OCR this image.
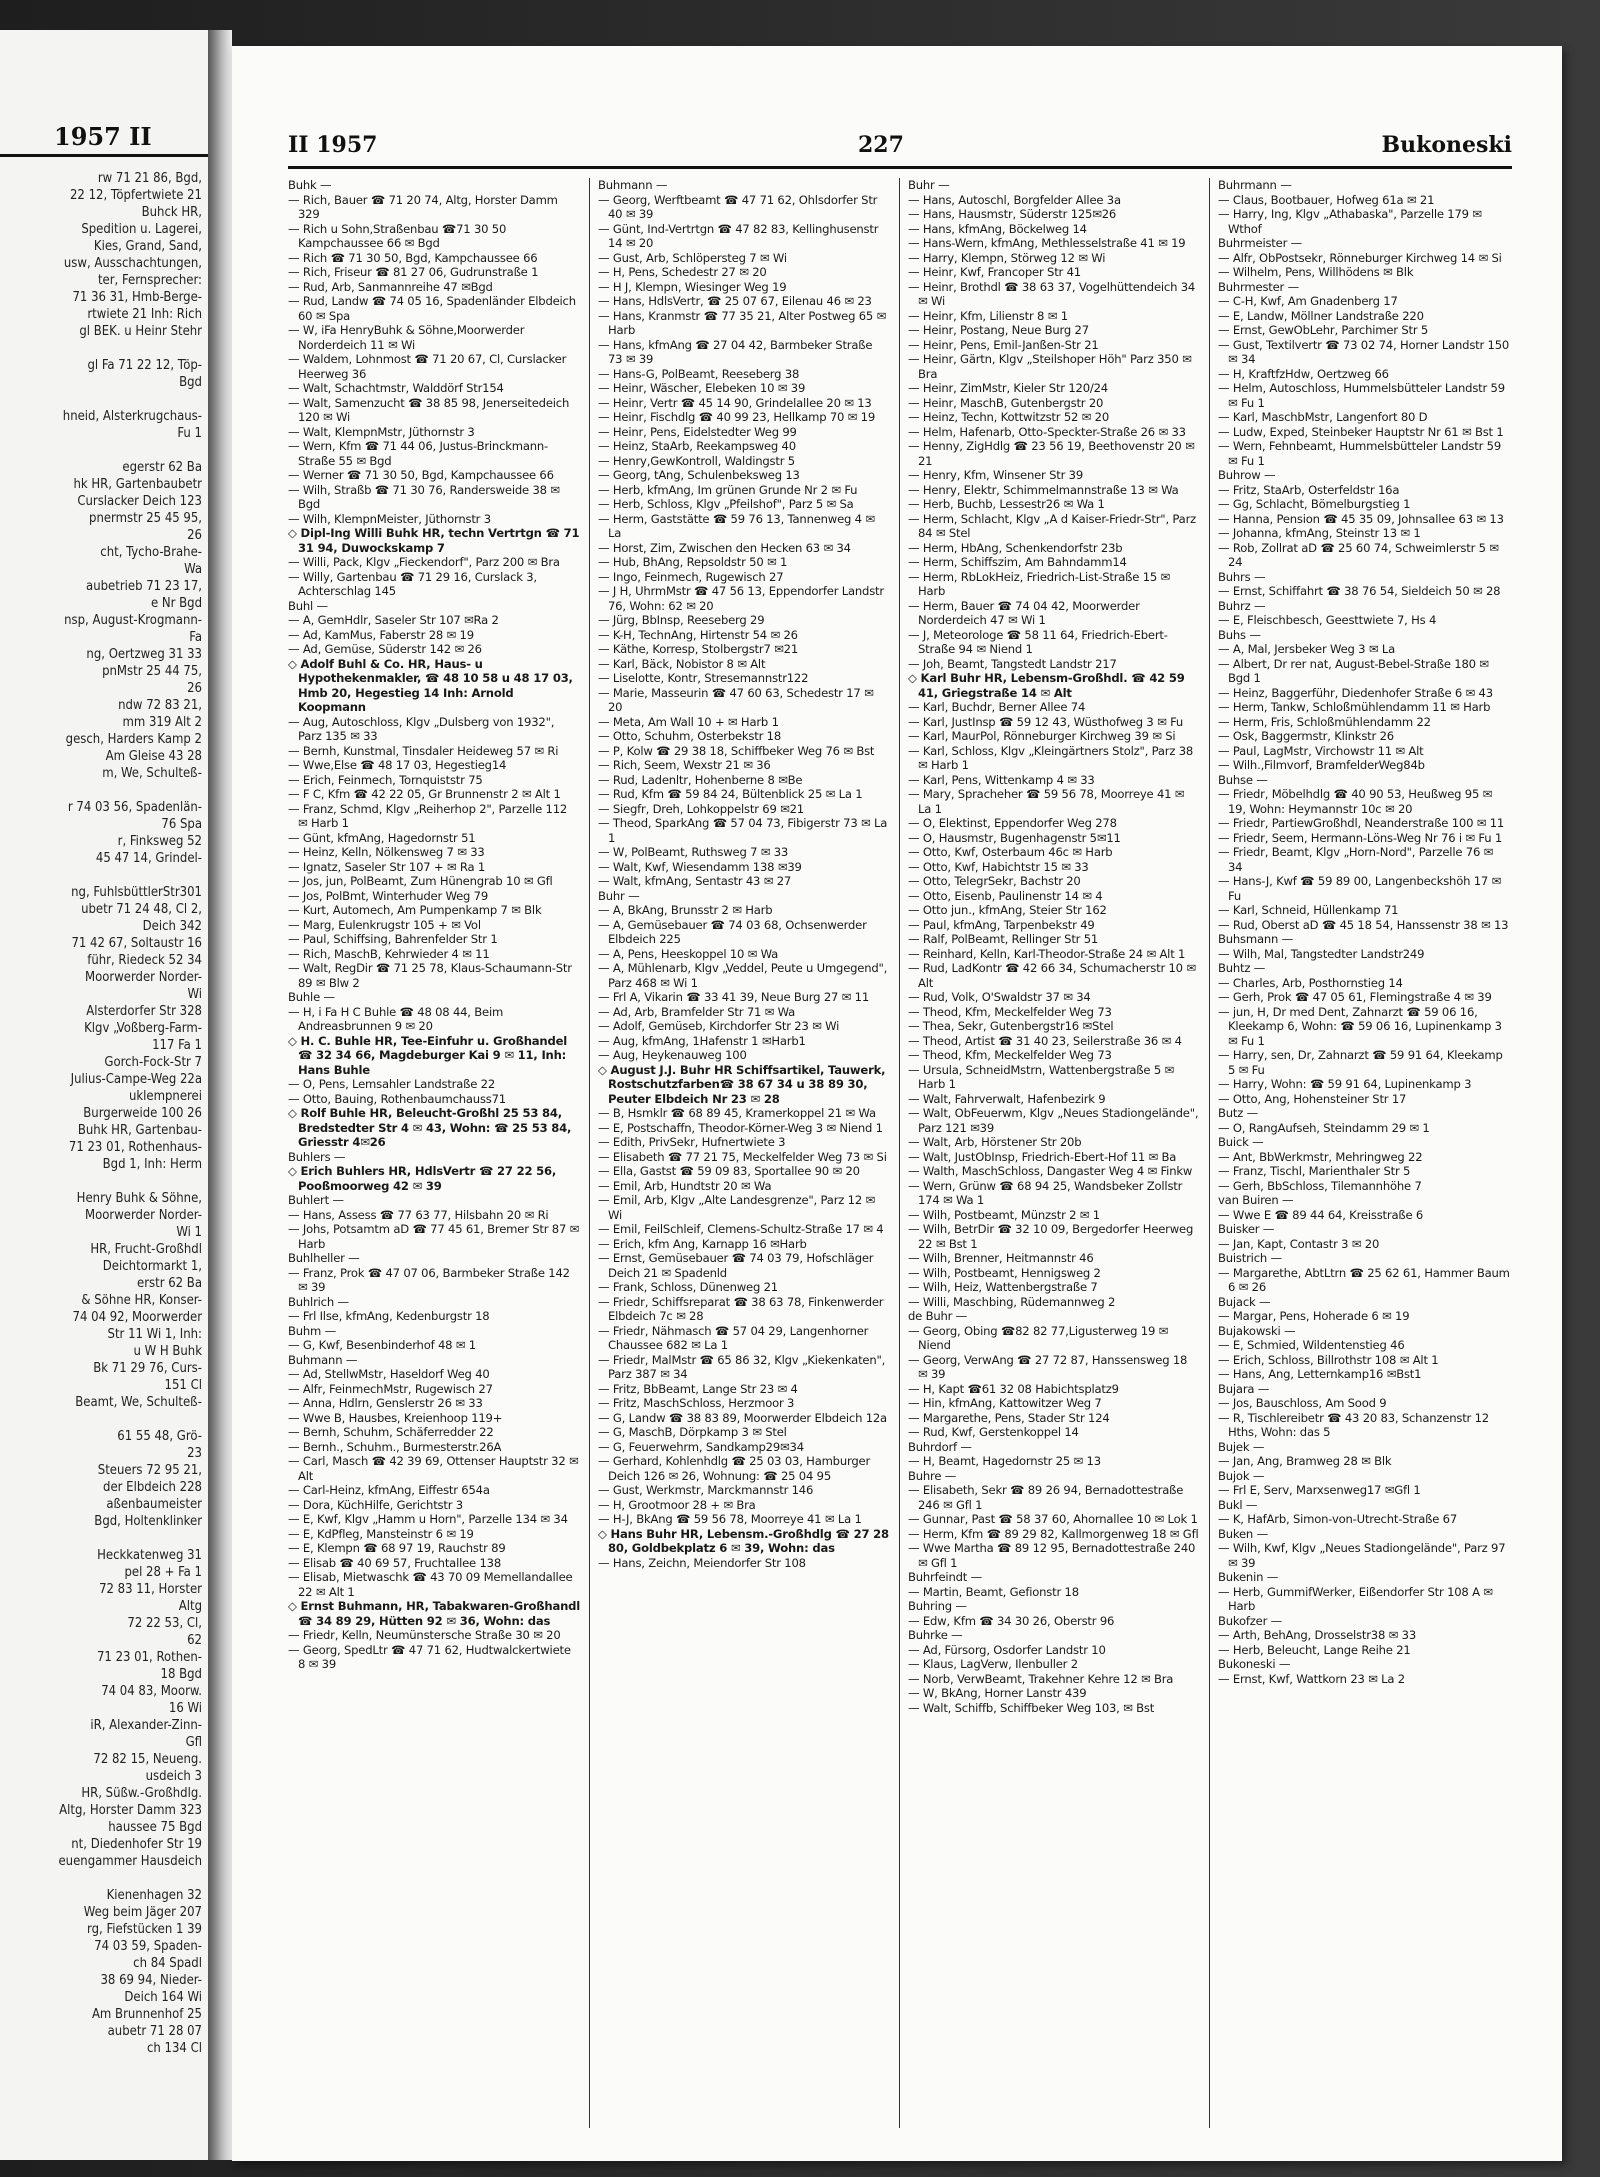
1957 II
rw 71 21 86, Bgd,
22 12, Töpfertwiete 21
Buhck HR,
Spedition u. Lagerei,
Kies, Grand, Sand,
usw, Ausschachtungen,
ter, Fernsprecher:
71 36 31, Hmb-Berge-
rtwiete 21 Inh: Rich
gl BEK. u Heinr Stehr

gl Fa 71 22 12, Töp-
Bgd

hneid, Alsterkrugchaus-
Fu 1

egerstr 62 Ba
hk HR, Gartenbaubetr
Curslacker Deich 123
pnermstr 25 45 95,
26
cht, Tycho-Brahe-
Wa
aubetrieb 71 23 17,
e Nr Bgd
nsp, August-Krogmann-
Fa
ng, Oertzweg 31 33
pnMstr 25 44 75,
26
ndw 72 83 21,
mm 319 Alt 2
gesch, Harders Kamp 2
Am Gleise 43 28
m, We, Schulteß-

r 74 03 56, Spadenlän-
76 Spa
r, Finksweg 52
45 47 14, Grindel-

ng, FuhlsbüttlerStr301
ubetr 71 24 48, Cl 2,
Deich 342
71 42 67, Soltaustr 16
führ, Riedeck 52 34
Moorwerder Norder-
Wi
Alsterdorfer Str 328
Klgv „Voßberg-Farm-
117 Fa 1
Gorch-Fock-Str 7
Julius-Campe-Weg 22a
uklempnerei
Burgerweide 100 26
Buhk HR, Gartenbau-
71 23 01, Rothenhaus-
Bgd 1, Inh: Herm

Henry Buhk & Söhne,
Moorwerder Norder-
Wi 1
HR, Frucht-Großhdl
Deichtormarkt 1,
erstr 62 Ba
& Söhne HR, Konser-
74 04 92, Moorwerder
Str 11 Wi 1, Inh:
u W H Buhk
Bk 71 29 76, Curs-
151 Cl
Beamt, We, Schulteß-

61 55 48, Grö-
23
Steuers 72 95 21,
der Elbdeich 228
aßenbaumeister
Bgd, Holtenklinker

Heckkatenweg 31
pel 28 + Fa 1
72 83 11, Horster
Altg
72 22 53, Cl,
62
71 23 01, Rothen-
18 Bgd
74 04 83, Moorw.
16 Wi
iR, Alexander-Zinn-
Gfl
72 82 15, Neueng.
usdeich 3
HR, Süßw.-Großhdlg.
Altg, Horster Damm 323
haussee 75 Bgd
nt, Diedenhofer Str 19
euengammer Hausdeich

Kienenhagen 32
Weg beim Jäger 207
rg, Fiefstücken 1 39
74 03 59, Spaden-
ch 84 Spadl
38 69 94, Nieder-
Deich 164 Wi
Am Brunnenhof 25
aubetr 71 28 07
ch 134 Cl
II 1957	227	Bukoneski
Buhk —
— Rich, Bauer ☎ 71 20 74, Altg, Horster Damm 329
— Rich u Sohn,Straßenbau ☎71 30 50 Kampchaussee 66 ✉ Bgd
— Rich ☎ 71 30 50, Bgd, Kampchaussee 66
— Rich, Friseur ☎ 81 27 06, Gudrunstraße 1
— Rud, Arb, Sanmannreihe 47 ✉Bgd
— Rud, Landw ☎ 74 05 16, Spadenländer Elbdeich 60 ✉ Spa
— W, iFa HenryBuhk & Söhne,Moorwerder Norderdeich 11 ✉ Wi
— Waldem, Lohnmost ☎ 71 20 67, Cl, Curslacker Heerweg 36
— Walt, Schachtmstr, Walddörf Str154
— Walt, Samenzucht ☎ 38 85 98, Jenerseitedeich 120 ✉ Wi
— Walt, KlempnMstr, Jüthornstr 3
— Wern, Kfm ☎ 71 44 06, Justus-Brinckmann-Straße 55 ✉ Bgd
— Werner ☎ 71 30 50, Bgd, Kampchaussee 66
— Wilh, Straßb ☎ 71 30 76, Randersweide 38 ✉ Bgd
— Wilh, KlempnMeister, Jüthornstr 3
◇ Dipl-Ing Willi Buhk HR, techn Vertrtgn ☎ 71 31 94, Duwockskamp 7
— Willi, Pack, Klgv „Fieckendorf", Parz 200 ✉ Bra
— Willy, Gartenbau ☎ 71 29 16, Curslack 3, Achterschlag 145
Buhl —
— A, GemHdlr, Saseler Str 107 ✉Ra 2
— Ad, KamMus, Faberstr 28 ✉ 19
— Ad, Gemüse, Süderstr 142 ✉ 26
◇ Adolf Buhl & Co. HR, Haus- u Hypothekenmakler, ☎ 48 10 58 u 48 17 03, Hmb 20, Hegestieg 14 Inh: Arnold Koopmann
— Aug, Autoschloss, Klgv „Dulsberg von 1932", Parz 135 ✉ 33
— Bernh, Kunstmal, Tinsdaler Heideweg 57 ✉ Ri
— Wwe,Else ☎ 48 17 03, Hegestieg14
— Erich, Feinmech, Tornquiststr 75
— F C, Kfm ☎ 42 22 05, Gr Brunnenstr 2 ✉ Alt 1
— Franz, Schmd, Klgv „Reiherhop 2", Parzelle 112 ✉ Harb 1
— Günt, kfmAng, Hagedornstr 51
— Heinz, Kelln, Nölkensweg 7 ✉ 33
— Ignatz, Saseler Str 107 + ✉ Ra 1
— Jos, jun, PolBeamt, Zum Hünengrab 10 ✉ Gfl
— Jos, PolBmt, Winterhuder Weg 79
— Kurt, Automech, Am Pumpenkamp 7 ✉ Blk
— Marg, Eulenkrugstr 105 + ✉ Vol
— Paul, Schiffsing, Bahrenfelder Str 1
— Rich, MaschB, Kehrwieder 4 ✉ 11
— Walt, RegDir ☎ 71 25 78, Klaus-Schaumann-Str 89 ✉ Blw 2
Buhle —
— H, i Fa H C Buhle ☎ 48 08 44, Beim Andreasbrunnen 9 ✉ 20
◇ H. C. Buhle HR, Tee-Einfuhr u. Großhandel ☎ 32 34 66, Magdeburger Kai 9 ✉ 11, Inh: Hans Buhle
— O, Pens, Lemsahler Landstraße 22
— Otto, Bauing, Rothenbaumchauss71
◇ Rolf Buhle HR, Beleucht-Großhl 25 53 84, Bredstedter Str 4 ✉ 43, Wohn: ☎ 25 53 84, Griesstr 4✉26
Buhlers —
◇ Erich Buhlers HR, HdlsVertr ☎ 27 22 56, Pooßmoorweg 42 ✉ 39
Buhlert —
— Hans, Assess ☎ 77 63 77, Hilsbahn 20 ✉ Ri
— Johs, Potsamtm aD ☎ 77 45 61, Bremer Str 87 ✉ Harb
Buhlheller —
— Franz, Prok ☎ 47 07 06, Barmbeker Straße 142 ✉ 39
Buhlrich —
— Frl Ilse, kfmAng, Kedenburgstr 18
Buhm —
— G, Kwf, Besenbinderhof 48 ✉ 1
Buhmann —
— Ad, StellwMstr, Haseldorf Weg 40
— Alfr, FeinmechMstr, Rugewisch 27
— Anna, Hdlrn, Genslerstr 26 ✉ 33
— Wwe B, Hausbes, Kreienhoop 119+
— Bernh, Schuhm, Schäferredder 22
— Bernh., Schuhm., Burmesterstr.26A
— Carl, Masch ☎ 42 39 69, Ottenser Hauptstr 32 ✉ Alt
— Carl-Heinz, kfmAng, Eiffestr 654a
— Dora, KüchHilfe, Gerichtstr 3
— E, Kwf, Klgv „Hamm u Horn", Parzelle 134 ✉ 34
— E, KdPfleg, Mansteinstr 6 ✉ 19
— E, Klempn ☎ 68 97 19, Rauchstr 89
— Elisab ☎ 40 69 57, Fruchtallee 138
— Elisab, Mietwaschk ☎ 43 70 09 Memellandallee 22 ✉ Alt 1
◇ Ernst Buhmann, HR, Tabakwaren-Großhandl ☎ 34 89 29, Hütten 92 ✉ 36, Wohn: das
— Friedr, Kelln, Neumünstersche Straße 30 ✉ 20
— Georg, SpedLtr ☎ 47 71 62, Hudtwalckertwiete 8 ✉ 39
Buhmann —
— Georg, Werftbeamt ☎ 47 71 62, Ohlsdorfer Str 40 ✉ 39
— Günt, Ind-Vertrtgn ☎ 47 82 83, Kellinghusenstr 14 ✉ 20
— Gust, Arb, Schlöpersteg 7 ✉ Wi
— H, Pens, Schedestr 27 ✉ 20
— H J, Klempn, Wiesinger Weg 19
— Hans, HdlsVertr, ☎ 25 07 67, Eilenau 46 ✉ 23
— Hans, Kranmstr ☎ 77 35 21, Alter Postweg 65 ✉ Harb
— Hans, kfmAng ☎ 27 04 42, Barmbeker Straße 73 ✉ 39
— Hans-G, PolBeamt, Reeseberg 38
— Heinr, Wäscher, Elebeken 10 ✉ 39
— Heinr, Vertr ☎ 45 14 90, Grindelallee 20 ✉ 13
— Heinr, Fischdlg ☎ 40 99 23, Hellkamp 70 ✉ 19
— Heinr, Pens, Eidelstedter Weg 99
— Heinz, StaArb, Reekampsweg 40
— Henry,GewKontroll, Waldingstr 5
— Georg, tAng, Schulenbeksweg 13
— Herb, kfmAng, Im grünen Grunde Nr 2 ✉ Fu
— Herb, Schloss, Klgv „Pfeilshof", Parz 5 ✉ Sa
— Herm, Gaststätte ☎ 59 76 13, Tannenweg 4 ✉ La
— Horst, Zim, Zwischen den Hecken 63 ✉ 34
— Hub, BhAng, Repsoldstr 50 ✉ 1
— Ingo, Feinmech, Rugewisch 27
— J H, UhrmMstr ☎ 47 56 13, Eppendorfer Landstr 76, Wohn: 62 ✉ 20
— Jürg, BbInsp, Reeseberg 29
— K-H, TechnAng, Hirtenstr 54 ✉ 26
— Käthe, Korresp, Stolbergstr7 ✉21
— Karl, Bäck, Nobistor 8 ✉ Alt
— Liselotte, Kontr, Stresemannstr122
— Marie, Masseurin ☎ 47 60 63, Schedestr 17 ✉ 20
— Meta, Am Wall 10 + ✉ Harb 1
— Otto, Schuhm, Osterbekstr 18
— P, Kolw ☎ 29 38 18, Schiffbeker Weg 76 ✉ Bst
— Rich, Seem, Wexstr 21 ✉ 36
— Rud, Ladenltr, Hohenberne 8 ✉Be
— Rud, Kfm ☎ 59 84 24, Bültenblick 25 ✉ La 1
— Siegfr, Dreh, Lohkoppelstr 69 ✉21
— Theod, SparkAng ☎ 57 04 73, Fibigerstr 73 ✉ La 1
— W, PolBeamt, Ruthsweg 7 ✉ 33
— Walt, Kwf, Wiesendamm 138 ✉39
— Walt, kfmAng, Sentastr 43 ✉ 27
Buhr —
— A, BkAng, Brunsstr 2 ✉ Harb
— A, Gemüsebauer ☎ 74 03 68, Ochsenwerder Elbdeich 225
— A, Pens, Heeskoppel 10 ✉ Wa
— A, Mühlenarb, Klgv „Veddel, Peute u Umgegend", Parz 468 ✉ Wi 1
— Frl A, Vikarin ☎ 33 41 39, Neue Burg 27 ✉ 11
— Ad, Arb, Bramfelder Str 71 ✉ Wa
— Adolf, Gemüseb, Kirchdorfer Str 23 ✉ Wi
— Aug, kfmAng, 1Hafenstr 1 ✉Harb1
— Aug, Heykenauweg 100
◇ August J.J. Buhr HR Schiffsartikel, Tauwerk, Rostschutzfarben☎ 38 67 34 u 38 89 30, Peuter Elbdeich Nr 23 ✉ 28
— B, Hsmklr ☎ 68 89 45, Kramerkoppel 21 ✉ Wa
— E, Postschaffn, Theodor-Körner-Weg 3 ✉ Niend 1
— Edith, PrivSekr, Hufnertwiete 3
— Elisabeth ☎ 77 21 75, Meckelfelder Weg 73 ✉ Si
— Ella, Gastst ☎ 59 09 83, Sportallee 90 ✉ 20
— Emil, Arb, Hundtstr 20 ✉ Wa
— Emil, Arb, Klgv „Alte Landesgrenze", Parz 12 ✉ Wi
— Emil, FeilSchleif, Clemens-Schultz-Straße 17 ✉ 4
— Erich, kfm Ang, Karnapp 16 ✉Harb
— Ernst, Gemüsebauer ☎ 74 03 79, Hofschläger Deich 21 ✉ Spadenld
— Frank, Schloss, Dünenweg 21
— Friedr, Schiffsreparat ☎ 38 63 78, Finkenwerder Elbdeich 7c ✉ 28
— Friedr, Nähmasch ☎ 57 04 29, Langenhorner Chaussee 682 ✉ La 1
— Friedr, MalMstr ☎ 65 86 32, Klgv „Kiekenkaten", Parz 387 ✉ 34
— Fritz, BbBeamt, Lange Str 23 ✉ 4
— Fritz, MaschSchloss, Herzmoor 3
— G, Landw ☎ 38 83 89, Moorwerder Elbdeich 12a
— G, MaschB, Dörpkamp 3 ✉ Stel
— G, Feuerwehrm, Sandkamp29✉34
— Gerhard, Kohlenhdlg ☎ 25 03 03, Hamburger Deich 126 ✉ 26, Wohnung: ☎ 25 04 95
— Gust, Werkmstr, Marckmannstr 146
— H, Grootmoor 28 + ✉ Bra
— H-J, BkAng ☎ 59 56 78, Moorreye 41 ✉ La 1
◇ Hans Buhr HR, Lebensm.-Großhdlg ☎ 27 28 80, Goldbekplatz 6 ✉ 39, Wohn: das
— Hans, Zeichn, Meiendorfer Str 108
Buhr —
— Hans, Autoschl, Borgfelder Allee 3a
— Hans, Hausmstr, Süderstr 125✉26
— Hans, kfmAng, Böckelweg 14
— Hans-Wern, kfmAng, Methlesselstraße 41 ✉ 19
— Harry, Klempn, Störweg 12 ✉ Wi
— Heinr, Kwf, Francoper Str 41
— Heinr, Brothdl ☎ 38 63 37, Vogelhüttendeich 34 ✉ Wi
— Heinr, Kfm, Lilienstr 8 ✉ 1
— Heinr, Postang, Neue Burg 27
— Heinr, Pens, Emil-Janßen-Str 21
— Heinr, Gärtn, Klgv „Steilshoper Höh" Parz 350 ✉ Bra
— Heinr, ZimMstr, Kieler Str 120/24
— Heinr, MaschB, Gutenbergstr 20
— Heinz, Techn, Kottwitzstr 52 ✉ 20
— Helm, Hafenarb, Otto-Speckter-Straße 26 ✉ 33
— Henny, ZigHdlg ☎ 23 56 19, Beethovenstr 20 ✉ 21
— Henry, Kfm, Winsener Str 39
— Henry, Elektr, Schimmelmannstraße 13 ✉ Wa
— Herb, Buchb, Lessestr26 ✉ Wa 1
— Herm, Schlacht, Klgv „A d Kaiser-Friedr-Str", Parz 84 ✉ Stel
— Herm, HbAng, Schenkendorfstr 23b
— Herm, Schiffszim, Am Bahndamm14
— Herm, RbLokHeiz, Friedrich-List-Straße 15 ✉ Harb
— Herm, Bauer ☎ 74 04 42, Moorwerder Norderdeich 47 ✉ Wi 1
— J, Meteorologe ☎ 58 11 64, Friedrich-Ebert-Straße 94 ✉ Niend 1
— Joh, Beamt, Tangstedt Landstr 217
◇ Karl Buhr HR, Lebensm-Großhdl. ☎ 42 59 41, Griegstraße 14 ✉ Alt
— Karl, Buchdr, Berner Allee 74
— Karl, JustInsp ☎ 59 12 43, Wüsthofweg 3 ✉ Fu
— Karl, MaurPol, Rönneburger Kirchweg 39 ✉ Si
— Karl, Schloss, Klgv „Kleingärtners Stolz", Parz 38 ✉ Harb 1
— Karl, Pens, Wittenkamp 4 ✉ 33
— Mary, Spracheher ☎ 59 56 78, Moorreye 41 ✉ La 1
— O, Elektinst, Eppendorfer Weg 278
— O, Hausmstr, Bugenhagenstr 5✉11
— Otto, Kwf, Osterbaum 46c ✉ Harb
— Otto, Kwf, Habichtstr 15 ✉ 33
— Otto, TelegrSekr, Bachstr 20
— Otto, Eisenb, Paulinenstr 14 ✉ 4
— Otto jun., kfmAng, Steier Str 162
— Paul, kfmAng, Tarpenbekstr 49
— Ralf, PolBeamt, Rellinger Str 51
— Reinhard, Kelln, Karl-Theodor-Straße 24 ✉ Alt 1
— Rud, LadKontr ☎ 42 66 34, Schumacherstr 10 ✉ Alt
— Rud, Volk, O'Swaldstr 37 ✉ 34
— Theod, Kfm, Meckelfelder Weg 73
— Thea, Sekr, Gutenbergstr16 ✉Stel
— Theod, Artist ☎ 31 40 23, Seilerstraße 36 ✉ 4
— Theod, Kfm, Meckelfelder Weg 73
— Ursula, SchneidMstrn, Wattenbergstraße 5 ✉ Harb 1
— Walt, Fahrverwalt, Hafenbezirk 9
— Walt, ObFeuerwm, Klgv „Neues Stadiongelände", Parz 121 ✉39
— Walt, Arb, Hörstener Str 20b
— Walt, JustObInsp, Friedrich-Ebert-Hof 11 ✉ Ba
— Walth, MaschSchloss, Dangaster Weg 4 ✉ Finkw
— Wern, Grünw ☎ 68 94 25, Wandsbeker Zollstr 174 ✉ Wa 1
— Wilh, Postbeamt, Münzstr 2 ✉ 1
— Wilh, BetrDir ☎ 32 10 09, Bergedorfer Heerweg 22 ✉ Bst 1
— Wilh, Brenner, Heitmannstr 46
— Wilh, Postbeamt, Hennigsweg 2
— Wilh, Heiz, Wattenbergstraße 7
— Willi, Maschbing, Rüdemannweg 2
de Buhr —
— Georg, Obing ☎82 82 77,Ligusterweg 19 ✉ Niend
— Georg, VerwAng ☎ 27 72 87, Hanssensweg 18 ✉ 39
— H, Kapt ☎61 32 08 Habichtsplatz9
— Hin, kfmAng, Kattowitzer Weg 7
— Margarethe, Pens, Stader Str 124
— Rud, Kwf, Gerstenkoppel 14
Buhrdorf —
— H, Beamt, Hagedornstr 25 ✉ 13
Buhre —
— Elisabeth, Sekr ☎ 89 26 94, Bernadottestraße 246 ✉ Gfl 1
— Gunnar, Past ☎ 58 37 60, Ahornallee 10 ✉ Lok 1
— Herm, Kfm ☎ 89 29 82, Kallmorgenweg 18 ✉ Gfl
— Wwe Martha ☎ 89 12 95, Bernadottestraße 240 ✉ Gfl 1
Buhrfeindt —
— Martin, Beamt, Gefionstr 18
Buhring —
— Edw, Kfm ☎ 34 30 26, Oberstr 96
Buhrke —
— Ad, Fürsorg, Osdorfer Landstr 10
— Klaus, LagVerw, Ilenbuller 2
— Norb, VerwBeamt, Trakehner Kehre 12 ✉ Bra
— W, BkAng, Horner Lanstr 439
— Walt, Schiffb, Schiffbeker Weg 103, ✉ Bst
Buhrmann —
— Claus, Bootbauer, Hofweg 61a ✉ 21
— Harry, Ing, Klgv „Athabaska", Parzelle 179 ✉ Wthof
Buhrmeister —
— Alfr, ObPostsekr, Rönneburger Kirchweg 14 ✉ Si
— Wilhelm, Pens, Willhödens ✉ Blk
Buhrmester —
— C-H, Kwf, Am Gnadenberg 17
— E, Landw, Möllner Landstraße 220
— Ernst, GewObLehr, Parchimer Str 5
— Gust, Textilvertr ☎ 73 02 74, Horner Landstr 150 ✉ 34
— H, KraftfzHdw, Oertzweg 66
— Helm, Autoschloss, Hummelsbütteler Landstr 59 ✉ Fu 1
— Karl, MaschbMstr, Langenfort 80 D
— Ludw, Exped, Steinbeker Hauptstr Nr 61 ✉ Bst 1
— Wern, Fehnbeamt, Hummelsbütteler Landstr 59 ✉ Fu 1
Buhrow —
— Fritz, StaArb, Osterfeldstr 16a
— Gg, Schlacht, Bömelburgstieg 1
— Hanna, Pension ☎ 45 35 09, Johnsallee 63 ✉ 13
— Johanna, kfmAng, Steinstr 13 ✉ 1
— Rob, Zollrat aD ☎ 25 60 74, Schweimlerstr 5 ✉ 24
Buhrs —
— Ernst, Schiffahrt ☎ 38 76 54, Sieldeich 50 ✉ 28
Buhrz —
— E, Fleischbesch, Geesttwiete 7, Hs 4
Buhs —
— A, Mal, Jersbeker Weg 3 ✉ La
— Albert, Dr rer nat, August-Bebel-Straße 180 ✉ Bgd 1
— Heinz, Baggerführ, Diedenhofer Straße 6 ✉ 43
— Herm, Tankw, Schloßmühlendamm 11 ✉ Harb
— Herm, Fris, Schloßmühlendamm 22
— Osk, Baggermstr, Klinkstr 26
— Paul, LagMstr, Virchowstr 11 ✉ Alt
— Wilh.,Filmvorf, BramfelderWeg84b
Buhse —
— Friedr, Möbelhdlg ☎ 40 90 53, Heußweg 95 ✉ 19, Wohn: Heymannstr 10c ✉ 20
— Friedr, PartiewGroßhdl, Neanderstraße 100 ✉ 11
— Friedr, Seem, Hermann-Löns-Weg Nr 76 i ✉ Fu 1
— Friedr, Beamt, Klgv „Horn-Nord", Parzelle 76 ✉ 34
— Hans-J, Kwf ☎ 59 89 00, Langenbeckshöh 17 ✉ Fu
— Karl, Schneid, Hüllenkamp 71
— Rud, Oberst aD ☎ 45 18 54, Hanssenstr 38 ✉ 13
Buhsmann —
— Wilh, Mal, Tangstedter Landstr249
Buhtz —
— Charles, Arb, Posthornstieg 14
— Gerh, Prok ☎ 47 05 61, Flemingstraße 4 ✉ 39
— jun, H, Dr med Dent, Zahnarzt ☎ 59 06 16, Kleekamp 6, Wohn: ☎ 59 06 16, Lupinenkamp 3 ✉ Fu 1
— Harry, sen, Dr, Zahnarzt ☎ 59 91 64, Kleekamp 5 ✉ Fu
— Harry, Wohn: ☎ 59 91 64, Lupinenkamp 3
— Otto, Ang, Hohensteiner Str 17
Butz —
— O, RangAufseh, Steindamm 29 ✉ 1
Buick —
— Ant, BbWerkmstr, Mehringweg 22
— Franz, Tischl, Marienthaler Str 5
— Gerh, BbSchloss, Tilemannhöhe 7
van Buiren —
— Wwe E ☎ 89 44 64, Kreisstraße 6
Buisker —
— Jan, Kapt, Contastr 3 ✉ 20
Buistrich —
— Margarethe, AbtLtrn ☎ 25 62 61, Hammer Baum 6 ✉ 26
Bujack —
— Margar, Pens, Hoherade 6 ✉ 19
Bujakowski —
— E, Schmied, Wildentenstieg 46
— Erich, Schloss, Billrothstr 108 ✉ Alt 1
— Hans, Ang, Letternkamp16 ✉Bst1
Bujara —
— Jos, Bauschloss, Am Sood 9
— R, Tischlereibetr ☎ 43 20 83, Schanzenstr 12 Hths, Wohn: das 5
Bujek —
— Jan, Ang, Bramweg 28 ✉ Blk
Bujok —
— Frl E, Serv, Marxsenweg17 ✉Gfl 1
Bukl —
— K, HafArb, Simon-von-Utrecht-Straße 67
Buken —
— Wilh, Kwf, Klgv „Neues Stadiongelände", Parz 97 ✉ 39
Bukenin —
— Herb, GummifWerker, Eißendorfer Str 108 A ✉ Harb
Bukofzer —
— Arth, BehAng, Drosselstr38 ✉ 33
— Herb, Beleucht, Lange Reihe 21
Bukoneski —
— Ernst, Kwf, Wattkorn 23 ✉ La 2
